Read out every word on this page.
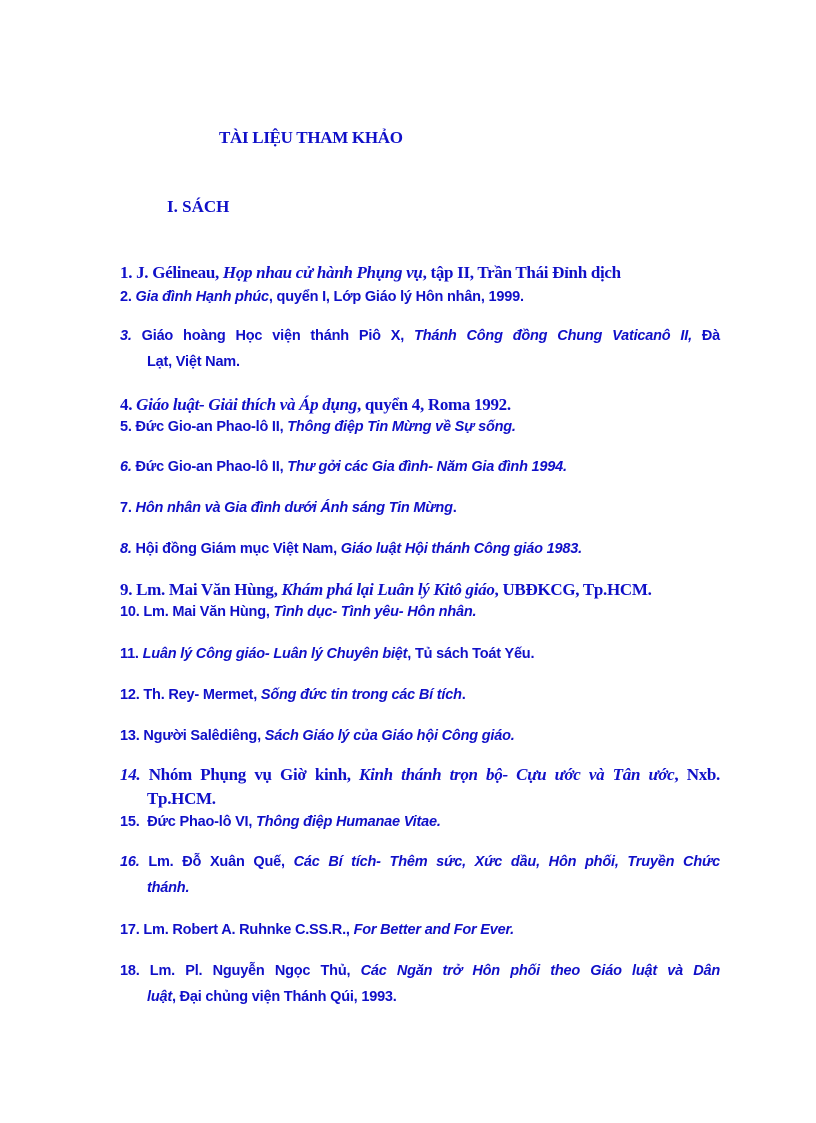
TÀI LIỆU THAM KHẢO
I. SÁCH

1. J. Gélineau, Họp nhau cử hành Phụng vụ, tập II, Trần Thái Đỉnh dịch

2. Gia đình Hạnh phúc, quyển I, Lớp Giáo lý Hôn nhân, 1999.

3. Giáo hoàng Học viện thánh Piô X, Thánh Công đồng Chung Vaticanô II, Đà
Lạt, Việt Nam.

4. Giáo luật- Giải thích và Áp dụng, quyển 4, Roma 1992.

5. Đức Gio-an Phao-lô II, Thông điệp Tin Mừng về Sự sống.

6. Đức Gio-an Phao-lô II, Thư gởi các Gia đình- Năm Gia đình 1994.

7. Hôn nhân và Gia đình dưới Ánh sáng Tin Mừng.

8. Hội đồng Giám mục Việt Nam, Giáo luật Hội thánh Công giáo 1983.

9. Lm. Mai Văn Hùng, Khám phá lại Luân lý Kitô giáo, UBĐKCG, Tp.HCM.

10. Lm. Mai Văn Hùng, Tình dục- Tình yêu- Hôn nhân.

11. Luân lý Công giáo- Luân lý Chuyên biệt, Tủ sách Toát Yếu.

12. Th. Rey- Mermet, Sống đức tin trong các Bí tích.

13. Người Salêdiêng, Sách Giáo lý của Giáo hội Công giáo.

14. Nhóm Phụng vụ Giờ kinh, Kinh thánh trọn bộ- Cựu ước và Tân ước, Nxb.
Tp.HCM.

15.  Đức Phao-lô VI, Thông điệp Humanae Vitae.

16. Lm. Đỗ Xuân Quế, Các Bí tích- Thêm sức, Xức dầu, Hôn phối, Truyền Chức
thánh.

17. Lm. Robert A. Ruhnke C.SS.R., For Better and For Ever.

18. Lm. Pl. Nguyễn Ngọc Thủ, Các Ngăn trở Hôn phối theo Giáo luật và Dân
luật, Đại chủng viện Thánh Qúi, 1993.
